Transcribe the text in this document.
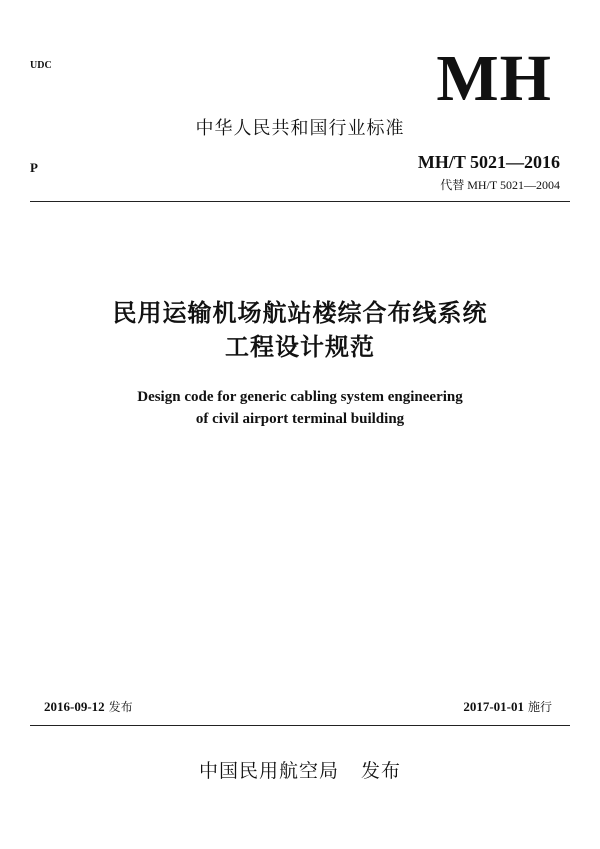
UDC	MH
中华人民共和国行业标准
P	MH/T 5021—2016
代替 MH/T 5021—2004
民用运输机场航站楼综合布线系统
工程设计规范
Design code for generic cabling system engineering
of civil airport terminal building
2016-09-12 发布	2017-01-01 施行
中国民用航空局 发布
